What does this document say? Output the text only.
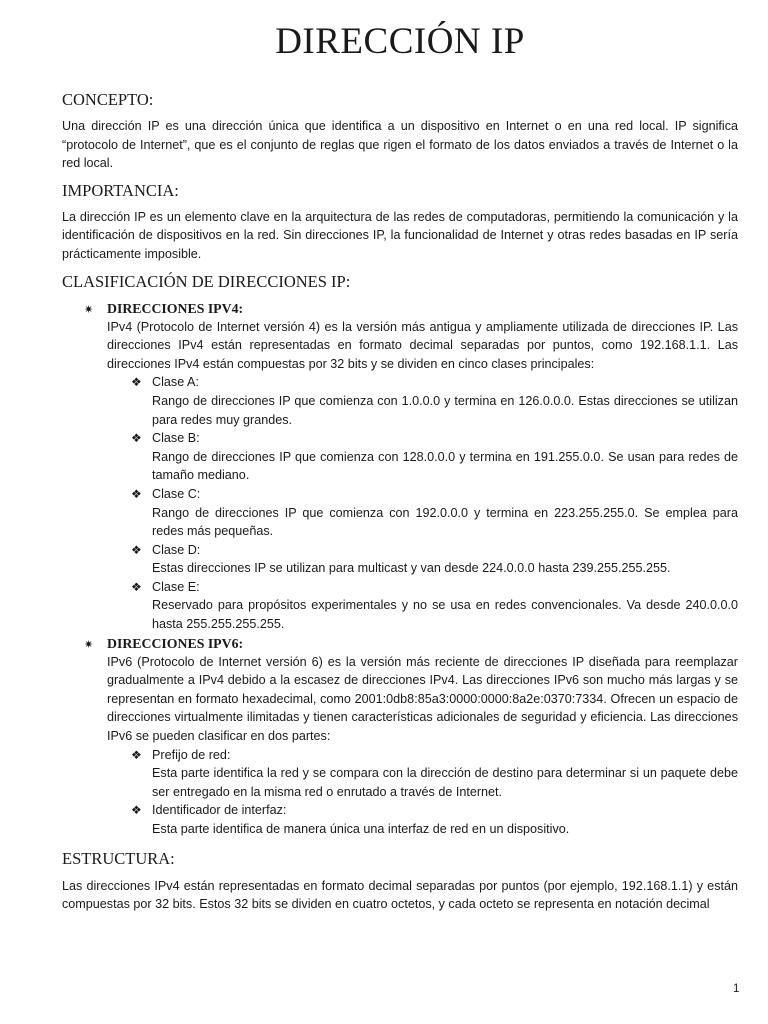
DIRECCIÓN IP
CONCEPTO:

Una dirección IP es una dirección única que identifica a un dispositivo en Internet o en una red local. IP significa “protocolo de Internet”, que es el conjunto de reglas que rigen el formato de los datos enviados a través de Internet o la red local.

IMPORTANCIA:

La dirección IP es un elemento clave en la arquitectura de las redes de computadoras, permitiendo la comunicación y la identificación de dispositivos en la red. Sin direcciones IP, la funcionalidad de Internet y otras redes basadas en IP sería prácticamente imposible.

CLASIFICACIÓN DE DIRECCIONES IP:
✷ DIRECCIONES IPV4:

IPv4 (Protocolo de Internet versión 4) es la versión más antigua y ampliamente utilizada de direcciones IP. Las direcciones IPv4 están representadas en formato decimal separadas por puntos, como 192.168.1.1. Las direcciones IPv4 están compuestas por 32 bits y se dividen en cinco clases principales:

❖ Clase A:

Rango de direcciones IP que comienza con 1.0.0.0 y termina en 126.0.0.0. Estas direcciones se utilizan para redes muy grandes.

❖ Clase B:

Rango de direcciones IP que comienza con 128.0.0.0 y termina en 191.255.0.0. Se usan para redes de tamaño mediano.

❖ Clase C:

Rango de direcciones IP que comienza con 192.0.0.0 y termina en 223.255.255.0. Se emplea para redes más pequeñas.

❖ Clase D:

Estas direcciones IP se utilizan para multicast y van desde 224.0.0.0 hasta 239.255.255.255.

❖ Clase E:

Reservado para propósitos experimentales y no se usa en redes convencionales. Va desde 240.0.0.0 hasta 255.255.255.255.

✷ DIRECCIONES IPV6:

IPv6 (Protocolo de Internet versión 6) es la versión más reciente de direcciones IP diseñada para reemplazar gradualmente a IPv4 debido a la escasez de direcciones IPv4. Las direcciones IPv6 son mucho más largas y se representan en formato hexadecimal, como 2001:0db8:85a3:0000:0000:8a2e:0370:7334. Ofrecen un espacio de direcciones virtualmente ilimitadas y tienen características adicionales de seguridad y eficiencia. Las direcciones IPv6 se pueden clasificar en dos partes:

❖ Prefijo de red:

Esta parte identifica la red y se compara con la dirección de destino para determinar si un paquete debe ser entregado en la misma red o enrutado a través de Internet.

❖ Identificador de interfaz:

Esta parte identifica de manera única una interfaz de red en un dispositivo.

ESTRUCTURA:

Las direcciones IPv4 están representadas en formato decimal separadas por puntos (por ejemplo, 192.168.1.1) y están compuestas por 32 bits. Estos 32 bits se dividen en cuatro octetos, y cada octeto se representa en notación decimal

1
